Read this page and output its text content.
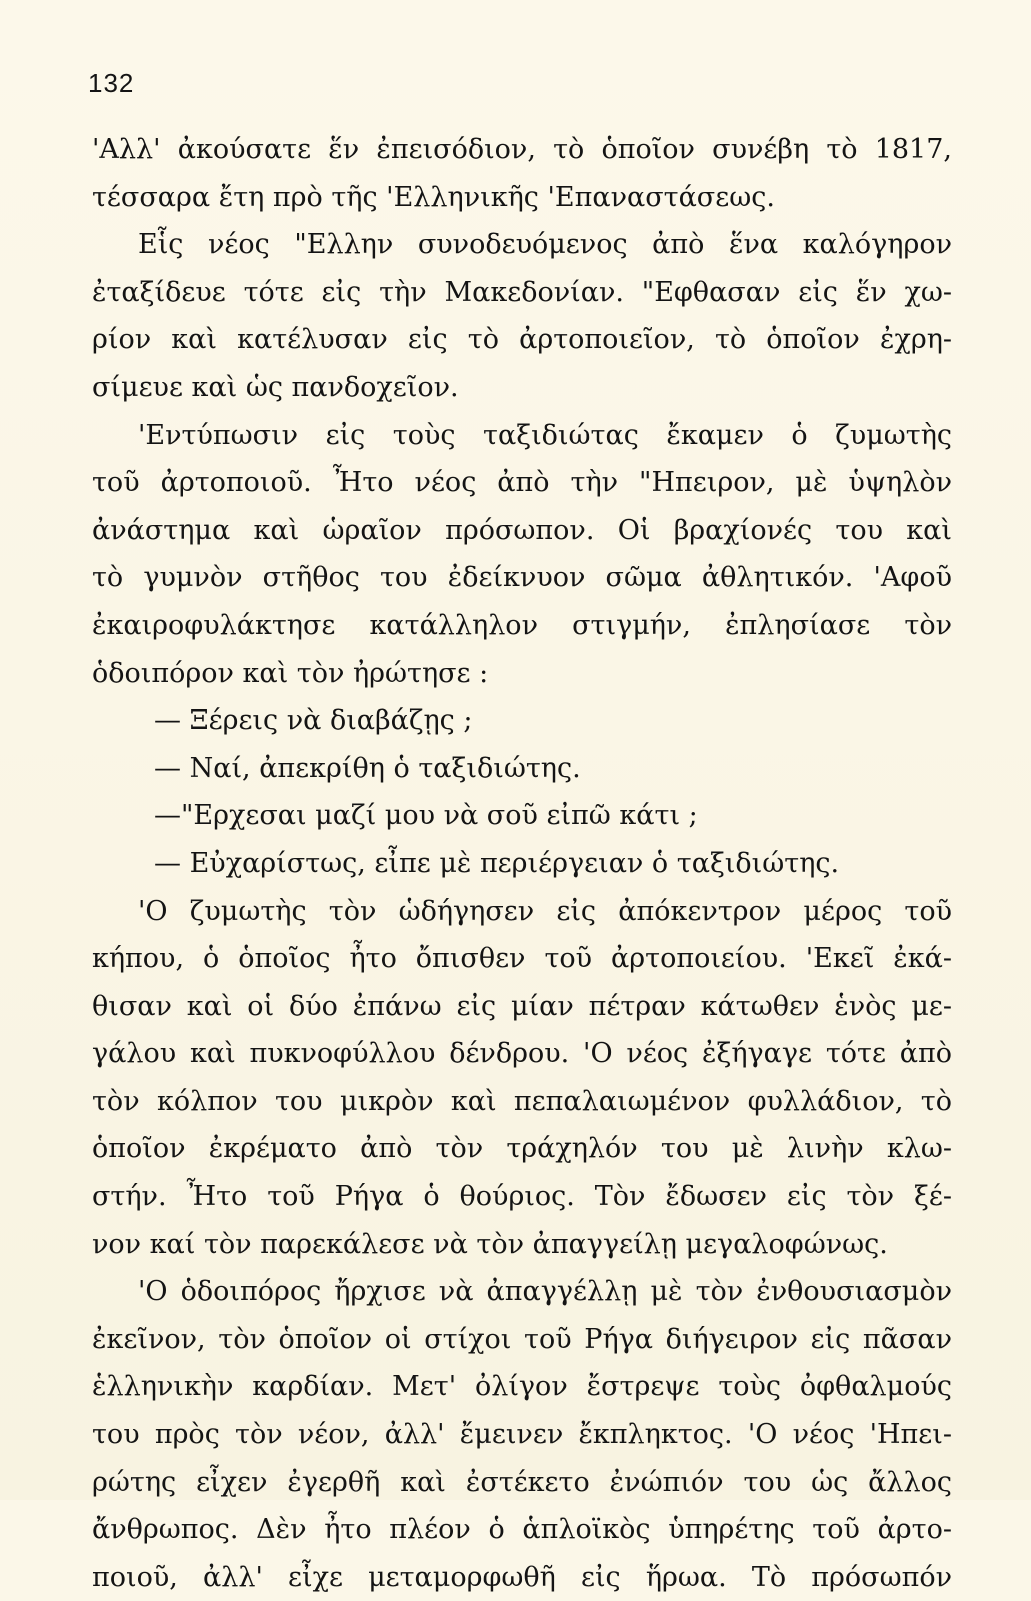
132
'Αλλ' ἀκούσατε ἕν ἐπεισόδιον, τὸ ὁποῖον συνέβη τὸ 1817,
τέσσαρα ἔτη πρὸ τῆς 'Ελληνικῆς 'Επαναστάσεως.
Εἷς νέος "Ελλην συνοδευόμενος ἀπὸ ἕνα καλόγηρον
ἐταξίδευε τότε εἰς τὴν Μακεδονίαν. "Εφθασαν εἰς ἕν χω-
ρίον καὶ κατέλυσαν εἰς τὸ ἀρτοποιεῖον, τὸ ὁποῖον ἐχρη-
σίμευε καὶ ὡς πανδοχεῖον.
'Εντύπωσιν εἰς τοὺς ταξιδιώτας ἔκαμεν ὁ ζυμωτὴς
τοῦ ἀρτοποιοῦ. Ἦτο νέος ἀπὸ τὴν "Ηπειρον, μὲ ὑψηλὸν
ἀνάστημα καὶ ὡραῖον πρόσωπον. Οἱ βραχίονές του καὶ
τὸ γυμνὸν στῆθος του ἐδείκνυον σῶμα ἀθλητικόν. 'Αφοῦ
ἐκαιροφυλάκτησε κατάλληλον στιγμήν, ἐπλησίασε τὸν
ὁδοιπόρον καὶ τὸν ἠρώτησε :
— Ξέρεις νὰ διαβάζῃς ;
— Ναί, ἀπεκρίθη ὁ ταξιδιώτης.
—"Ερχεσαι μαζί μου νὰ σοῦ εἰπῶ κάτι ;
— Εὐχαρίστως, εἶπε μὲ περιέργειαν ὁ ταξιδιώτης.
'Ο ζυμωτὴς τὸν ὡδήγησεν εἰς ἀπόκεντρον μέρος τοῦ
κήπου, ὁ ὁποῖος ἦτο ὄπισθεν τοῦ ἀρτοποιείου. 'Εκεῖ ἐκά-
θισαν καὶ οἱ δύο ἐπάνω εἰς μίαν πέτραν κάτωθεν ἑνὸς με-
γάλου καὶ πυκνοφύλλου δένδρου. 'Ο νέος ἐξήγαγε τότε ἀπὸ
τὸν κόλπον του μικρὸν καὶ πεπαλαιωμένον φυλλάδιον, τὸ
ὁποῖον ἐκρέματο ἀπὸ τὸν τράχηλόν του μὲ λινὴν κλω-
στήν. Ἦτο τοῦ Ρήγα ὁ θούριος. Τὸν ἔδωσεν εἰς τὸν ξέ-
νον καί τὸν παρεκάλεσε νὰ τὸν ἀπαγγείλῃ μεγαλοφώνως.
'Ο ὁδοιπόρος ἤρχισε νὰ ἀπαγγέλλῃ μὲ τὸν ἐνθουσιασμὸν
ἐκεῖνον, τὸν ὁποῖον οἱ στίχοι τοῦ Ρήγα διήγειρον εἰς πᾶσαν
ἑλληνικὴν καρδίαν. Μετ' ὀλίγον ἔστρεψε τοὺς ὀφθαλμούς
του πρὸς τὸν νέον, ἀλλ' ἔμεινεν ἔκπληκτος. 'Ο νέος 'Ηπει-
ρώτης εἶχεν ἐγερθῆ καὶ ἐστέκετο ἐνώπιόν του ὡς ἄλλος
ἄνθρωπος. Δὲν ἦτο πλέον ὁ ἁπλοϊκὸς ὑπηρέτης τοῦ ἀρτο-
ποιοῦ, ἀλλ' εἶχε μεταμορφωθῆ εἰς ἥρωα. Τὸ πρόσωπόν
